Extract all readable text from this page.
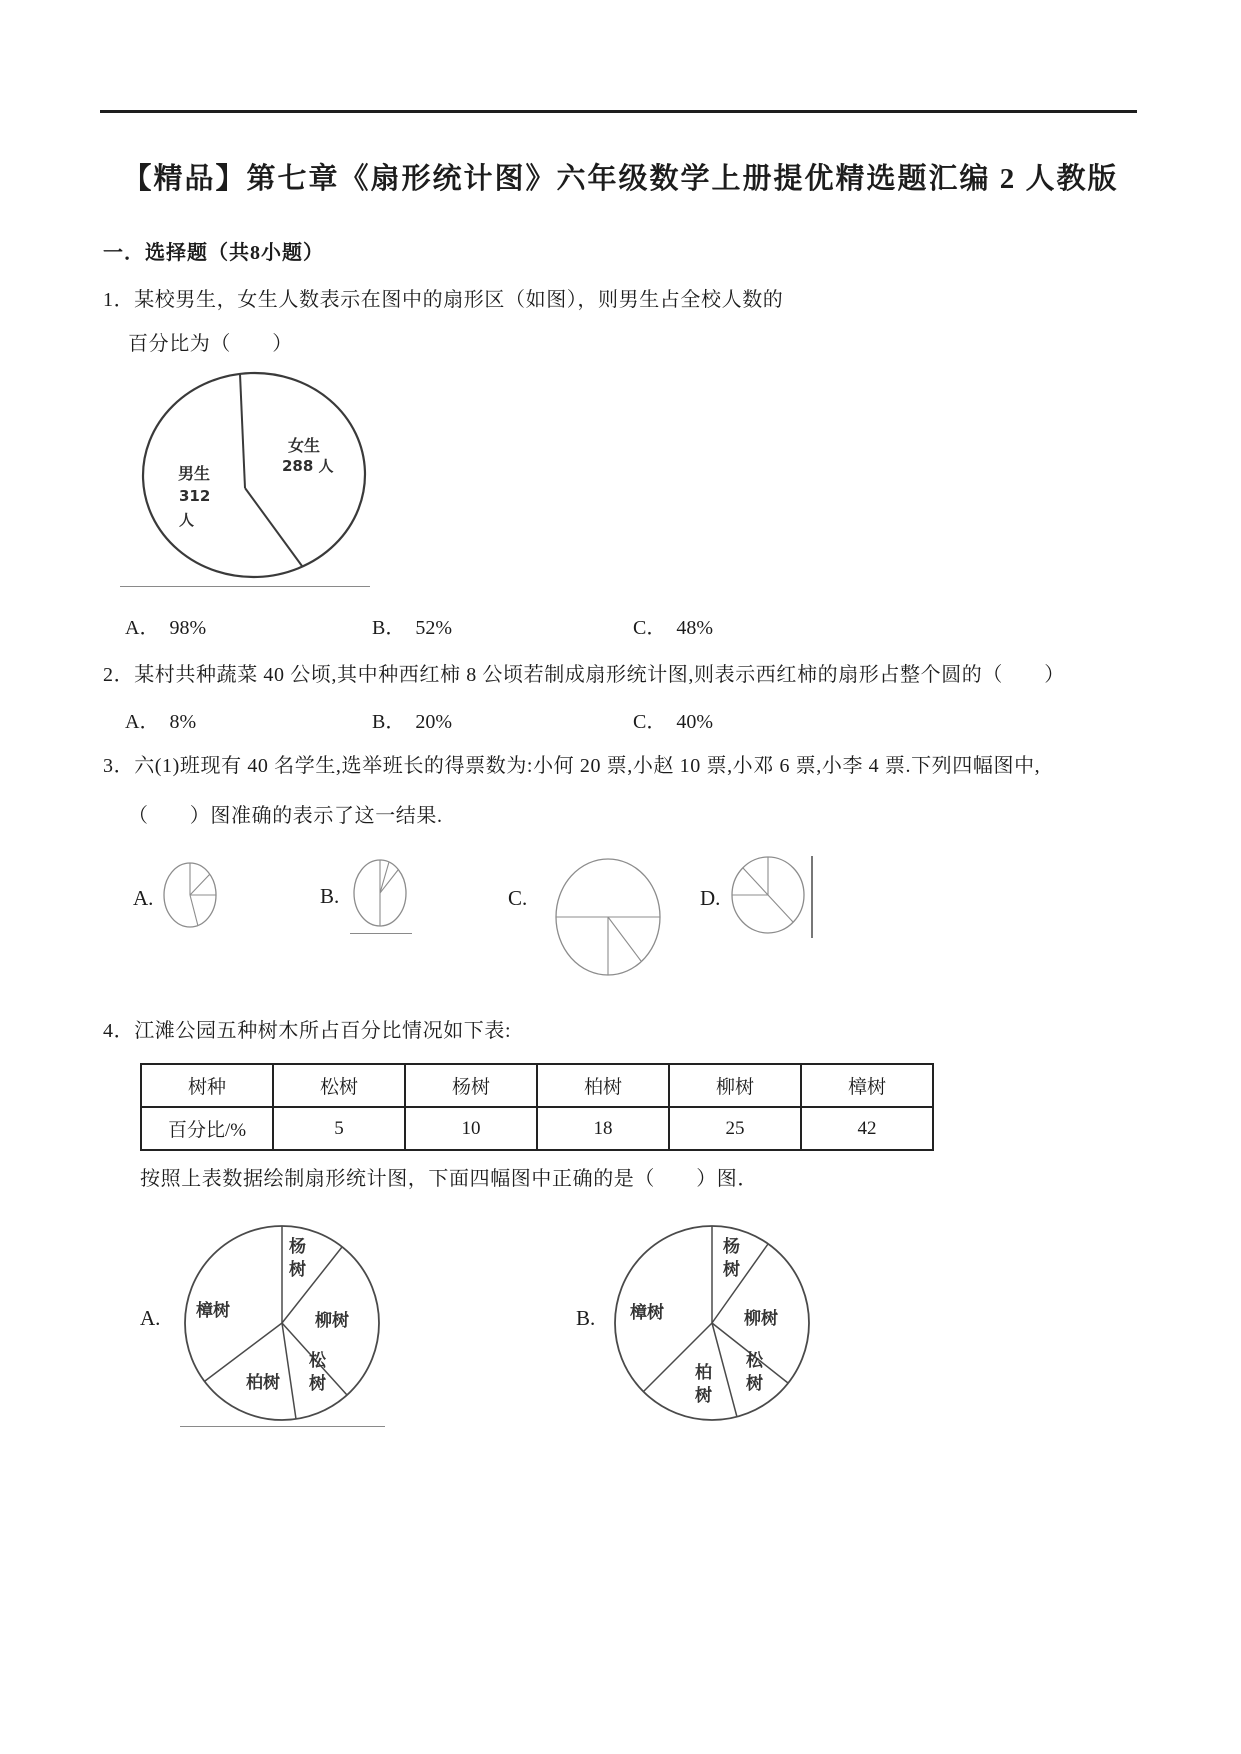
【精品】第七章《扇形统计图》六年级数学上册提优精选题汇编 2 人教版
一．选择题（共8小题）
1．某校男生，女生人数表示在图中的扇形区（如图），则男生占全校人数的
百分比为（　　）
女生
288 人
男生
312
人
A． 98%	B． 52%	C． 48%
2．某村共种蔬菜 40 公顷,其中种西红柿 8 公顷若制成扇形统计图,则表示西红柿的扇形占整个圆的（　　）
A． 8%	B． 20%	C． 40%
3．六(1)班现有 40 名学生,选举班长的得票数为:小何 20 票,小赵 10 票,小邓 6 票,小李 4 票.下列四幅图中,
（　　）图准确的表示了这一结果.
A.	B.	C.	D.
4．江滩公园五种树木所占百分比情况如下表:
树种	松树	杨树	柏树	柳树	樟树
百分比/%	5	10	18	25	42
按照上表数据绘制扇形统计图，下面四幅图中正确的是（　　）图．
A.	B.
杨树
樟树	柳树
松树
柏树
杨树
樟树	柳树
松树
柏树
